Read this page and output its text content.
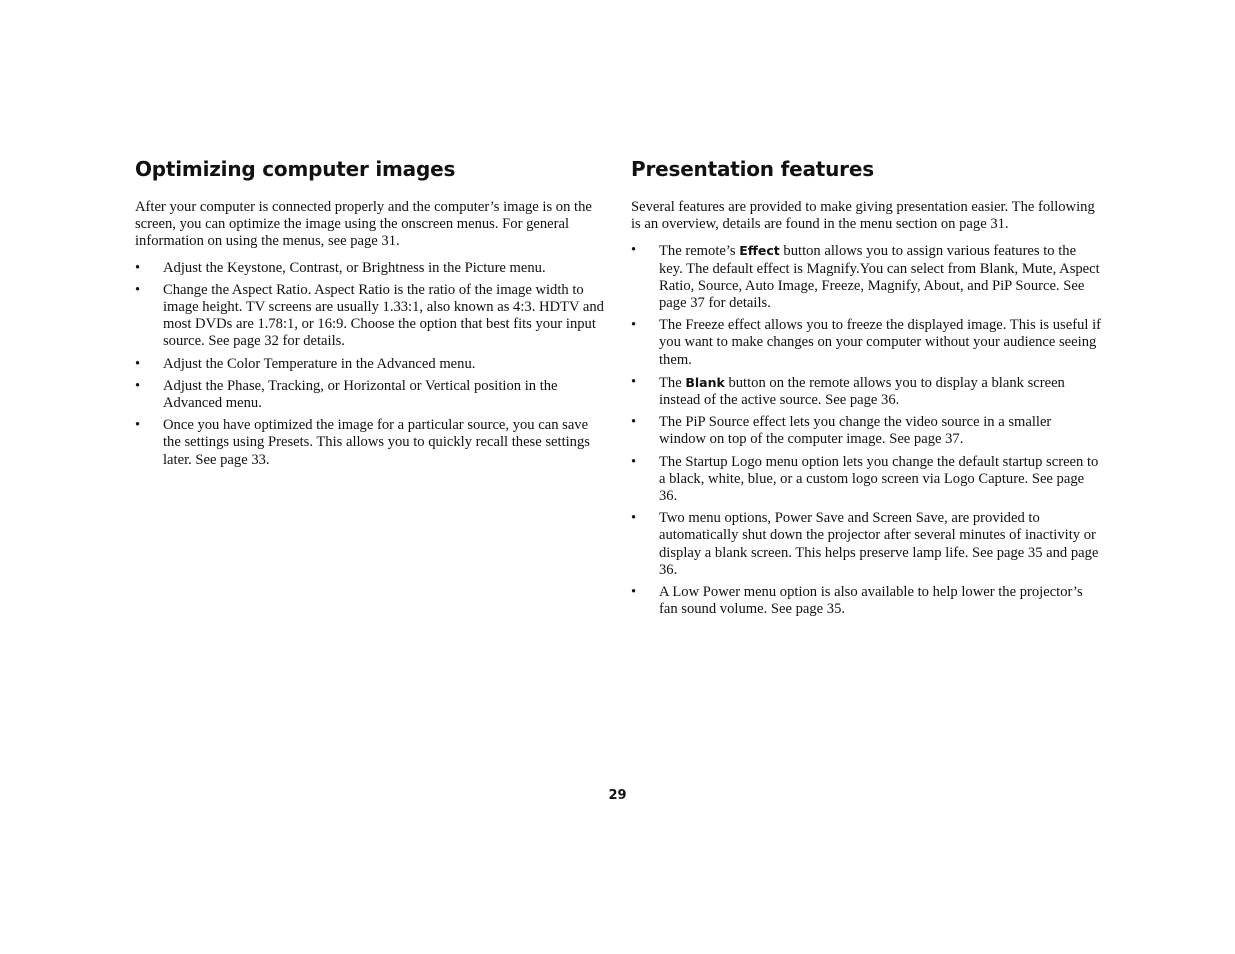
Optimizing computer images

After your computer is connected properly and the computer’s image is on the screen, you can optimize the image using the onscreen menus. For general information on using the menus, see page 31.

• Adjust the Keystone, Contrast, or Brightness in the Picture menu.
• Change the Aspect Ratio. Aspect Ratio is the ratio of the image width to image height. TV screens are usually 1.33:1, also known as 4:3. HDTV and most DVDs are 1.78:1, or 16:9. Choose the option that best fits your input source. See page 32 for details.
• Adjust the Color Temperature in the Advanced menu.
• Adjust the Phase, Tracking, or Horizontal or Vertical position in the Advanced menu.
• Once you have optimized the image for a particular source, you can save the settings using Presets. This allows you to quickly recall these settings later. See page 33.
Presentation features

Several features are provided to make giving presentation easier. The following is an overview, details are found in the menu section on page 31.

• The remote’s Effect button allows you to assign various features to the key. The default effect is Magnify.You can select from Blank, Mute, Aspect Ratio, Source, Auto Image, Freeze, Magnify, About, and PiP Source. See page 37 for details.
• The Freeze effect allows you to freeze the displayed image. This is useful if you want to make changes on your computer without your audience seeing them.
• The Blank button on the remote allows you to display a blank screen instead of the active source. See page 36.
• The PiP Source effect lets you change the video source in a smaller window on top of the computer image. See page 37.
• The Startup Logo menu option lets you change the default startup screen to a black, white, blue, or a custom logo screen via Logo Capture. See page 36.
• Two menu options, Power Save and Screen Save, are provided to automatically shut down the projector after several minutes of inactivity or display a blank screen. This helps preserve lamp life. See page 35 and page 36.
• A Low Power menu option is also available to help lower the projector’s fan sound volume. See page 35.
29
